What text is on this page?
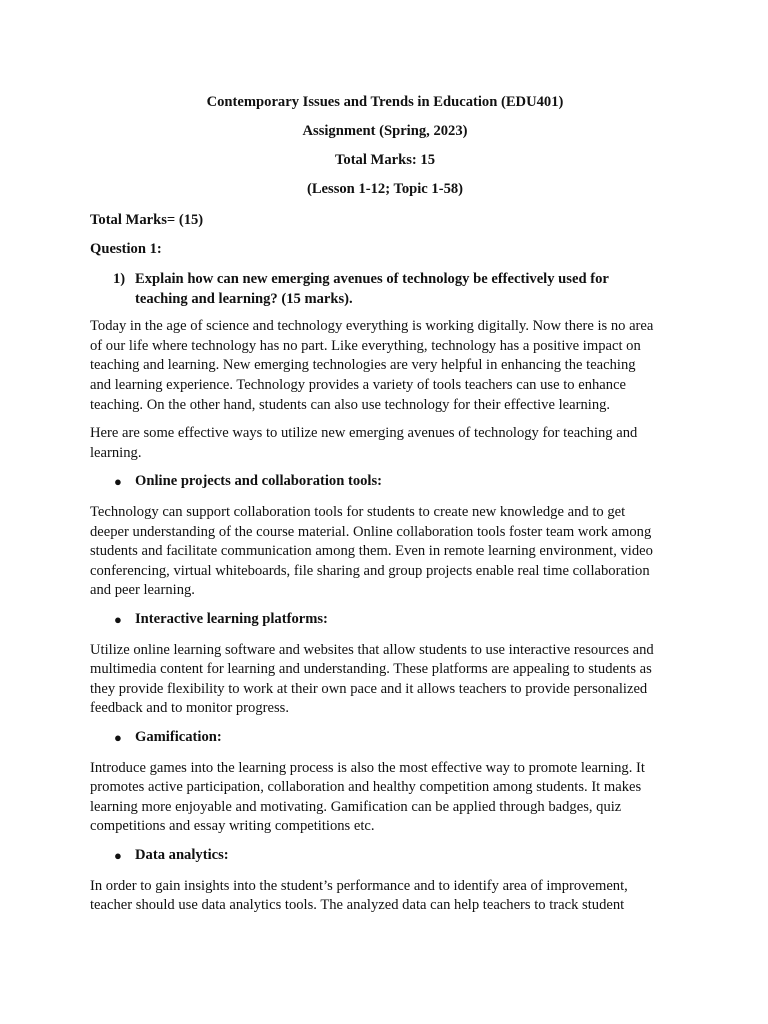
Contemporary Issues and Trends in Education (EDU401)
Assignment (Spring, 2023)
Total Marks: 15
(Lesson 1-12; Topic 1-58)
Total Marks= (15)
Question 1:
1) Explain how can new emerging avenues of technology be effectively used for
teaching and learning? (15 marks).
Today in the age of science and technology everything is working digitally. Now there is no area
of our life where technology has no part. Like everything, technology has a positive impact on
teaching and learning. New emerging technologies are very helpful in enhancing the teaching
and learning experience. Technology provides a variety of tools teachers can use to enhance
teaching. On the other hand, students can also use technology for their effective learning.
Here are some effective ways to utilize new emerging avenues of technology for teaching and
learning.
● Online projects and collaboration tools:
Technology can support collaboration tools for students to create new knowledge and to get
deeper understanding of the course material. Online collaboration tools foster team work among
students and facilitate communication among them. Even in remote learning environment, video
conferencing, virtual whiteboards, file sharing and group projects enable real time collaboration
and peer learning.
● Interactive learning platforms:
Utilize online learning software and websites that allow students to use interactive resources and
multimedia content for learning and understanding. These platforms are appealing to students as
they provide flexibility to work at their own pace and it allows teachers to provide personalized
feedback and to monitor progress.
● Gamification:
Introduce games into the learning process is also the most effective way to promote learning. It
promotes active participation, collaboration and healthy competition among students. It makes
learning more enjoyable and motivating. Gamification can be applied through badges, quiz
competitions and essay writing competitions etc.
● Data analytics:
In order to gain insights into the student’s performance and to identify area of improvement,
teacher should use data analytics tools. The analyzed data can help teachers to track student
